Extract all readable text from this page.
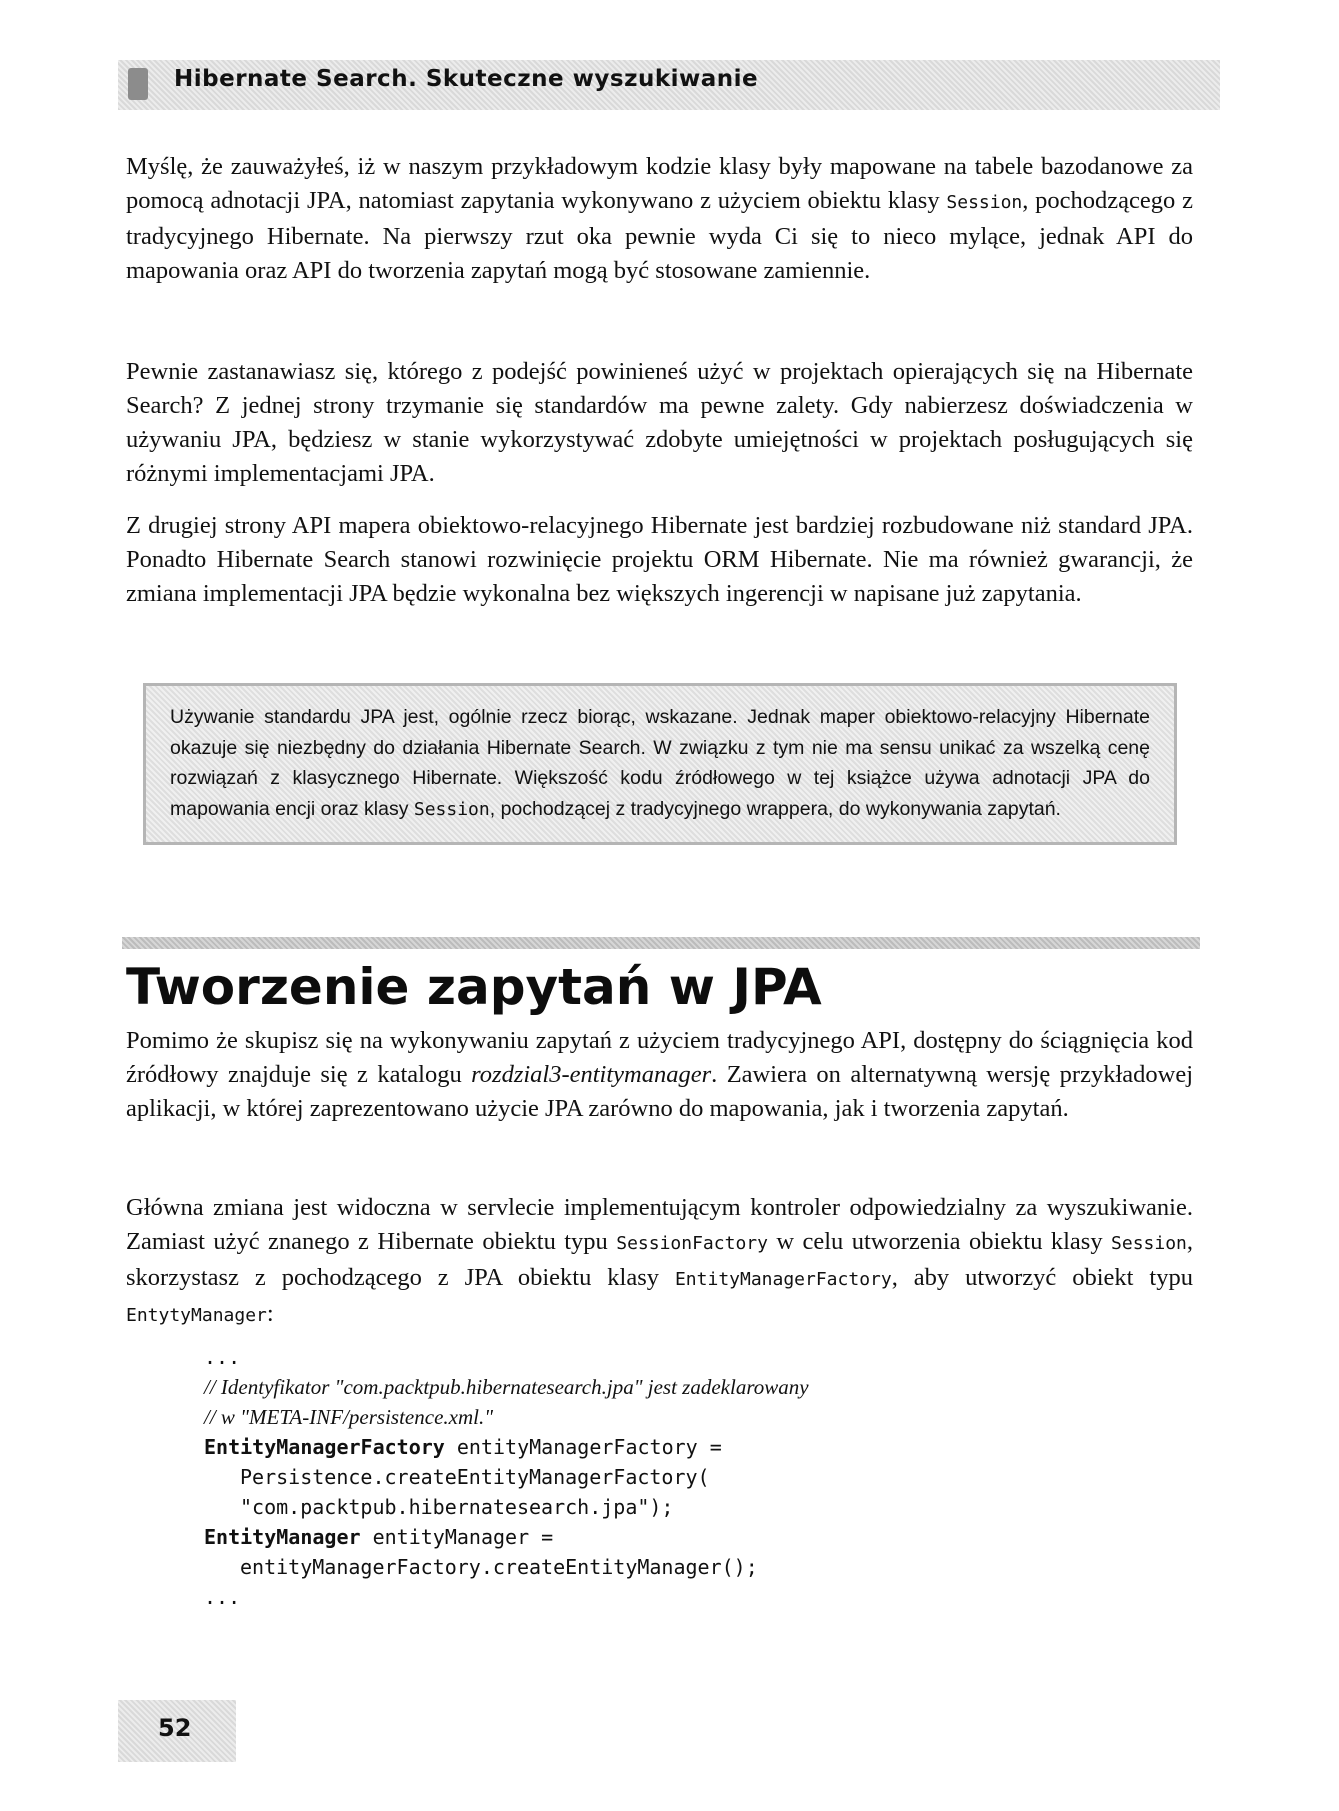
Hibernate Search. Skuteczne wyszukiwanie

Myślę, że zauważyłeś, iż w naszym przykładowym kodzie klasy były mapowane na tabele bazodanowe za pomocą adnotacji JPA, natomiast zapytania wykonywano z użyciem obiektu klasy Session, pochodzącego z tradycyjnego Hibernate. Na pierwszy rzut oka pewnie wyda Ci się to nieco mylące, jednak API do mapowania oraz API do tworzenia zapytań mogą być stosowane zamiennie.

Pewnie zastanawiasz się, którego z podejść powinieneś użyć w projektach opierających się na Hibernate Search? Z jednej strony trzymanie się standardów ma pewne zalety. Gdy nabierzesz doświadczenia w używaniu JPA, będziesz w stanie wykorzystywać zdobyte umiejętności w projektach posługujących się różnymi implementacjami JPA.

Z drugiej strony API mapera obiektowo-relacyjnego Hibernate jest bardziej rozbudowane niż standard JPA. Ponadto Hibernate Search stanowi rozwinięcie projektu ORM Hibernate. Nie ma również gwarancji, że zmiana implementacji JPA będzie wykonalna bez większych ingerencji w napisane już zapytania.

Używanie standardu JPA jest, ogólnie rzecz biorąc, wskazane. Jednak maper obiektowo-relacyjny Hibernate okazuje się niezbędny do działania Hibernate Search. W związku z tym nie ma sensu unikać za wszelką cenę rozwiązań z klasycznego Hibernate. Większość kodu źródłowego w tej książce używa adnotacji JPA do mapowania encji oraz klasy Session, pochodzącej z tradycyjnego wrappera, do wykonywania zapytań.

Tworzenie zapytań w JPA

Pomimo że skupisz się na wykonywaniu zapytań z użyciem tradycyjnego API, dostępny do ściągnięcia kod źródłowy znajduje się z katalogu rozdzial3-entitymanager. Zawiera on alternatywną wersję przykładowej aplikacji, w której zaprezentowano użycie JPA zarówno do mapowania, jak i tworzenia zapytań.

Główna zmiana jest widoczna w servlecie implementującym kontroler odpowiedzialny za wyszukiwanie. Zamiast użyć znanego z Hibernate obiektu typu SessionFactory w celu utworzenia obiektu klasy Session, skorzystasz z pochodzącego z JPA obiektu klasy EntityManagerFactory, aby utworzyć obiekt typu EntytyManager:

...
// Identyfikator "com.packtpub.hibernatesearch.jpa" jest zadeklarowany
// w "META-INF/persistence.xml."
EntityManagerFactory entityManagerFactory =
Persistence.createEntityManagerFactory(
"com.packtpub.hibernatesearch.jpa");
EntityManager entityManager =
entityManagerFactory.createEntityManager();
...
52
